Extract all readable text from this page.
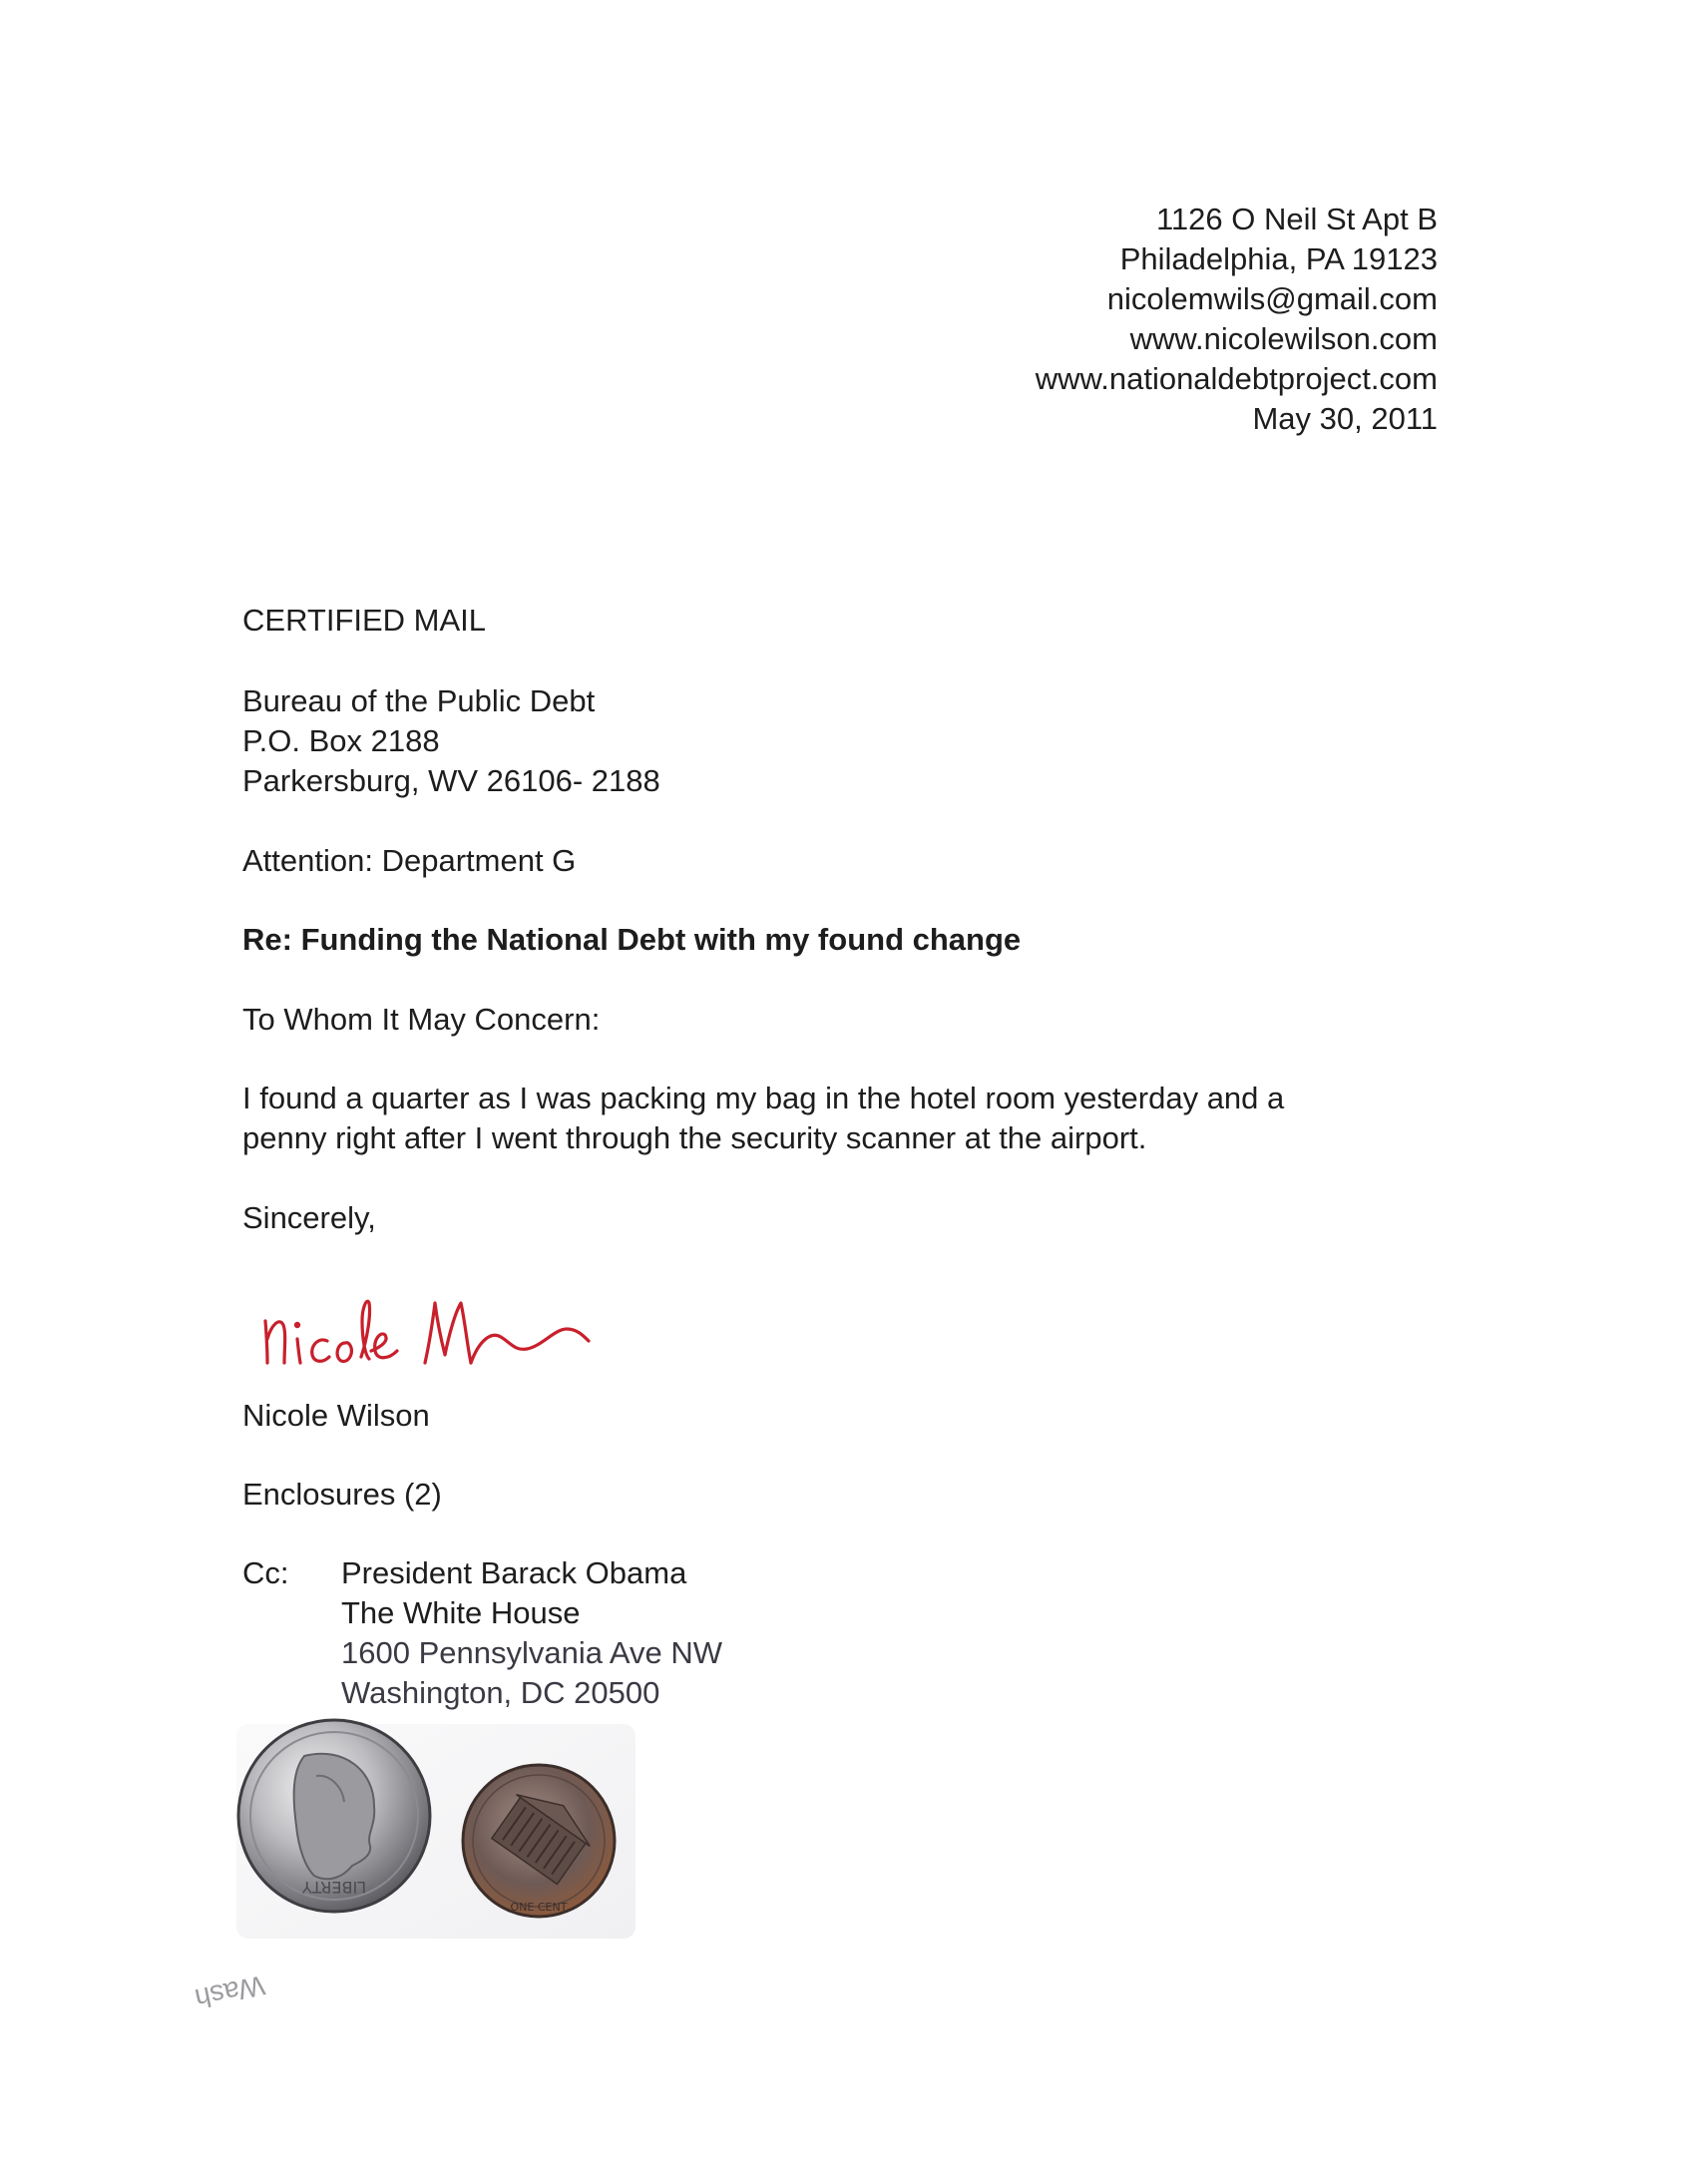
1126 O Neil St Apt B
Philadelphia, PA 19123
nicolemwils@gmail.com
www.nicolewilson.com
www.nationaldebtproject.com
May 30, 2011

CERTIFIED MAIL

Bureau of the Public Debt
P.O. Box 2188
Parkersburg, WV 26106- 2188

Attention: Department G

Re: Funding the National Debt with my found change

To Whom It May Concern:

I found a quarter as I was packing my bag in the hotel room yesterday and a

penny right after I went through the security scanner at the airport.

Sincerely,

Nicole Wilson

Enclosures (2)

Cc: President Barack Obama
The White House
1600 Pennsylvania Ave NW
Washington, DC 20500
LIBERTY
ONE CENT
Wash
